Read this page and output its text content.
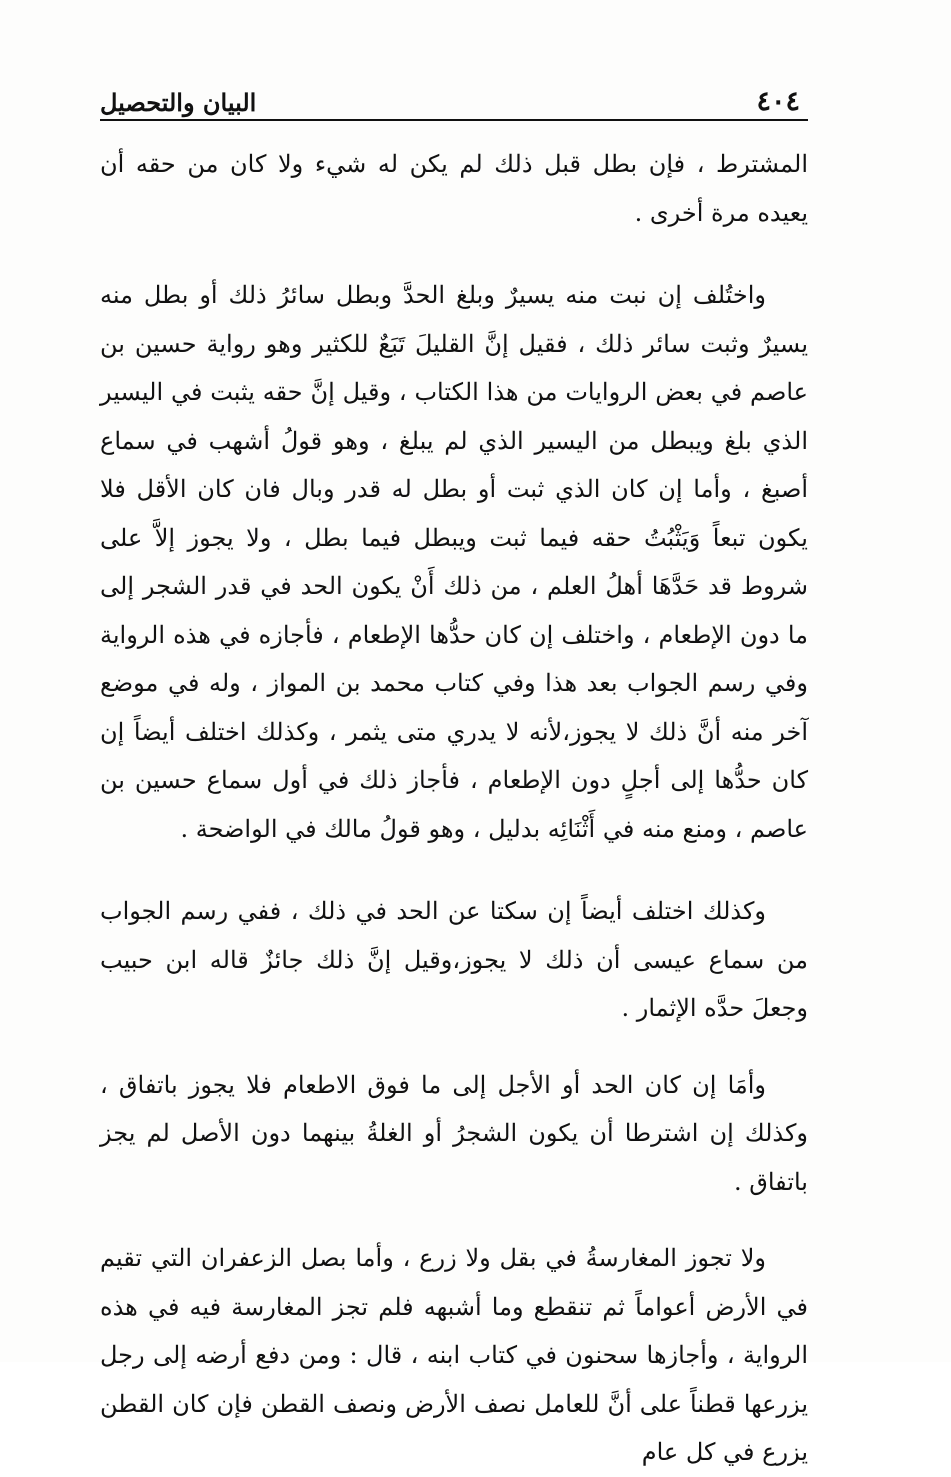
٤٠٤
البيان والتحصيل

المشترط ، فإن بطل قبل ذلك لم يكن له شيء ولا كان من حقه أن يعيده مرة أخرى .

واختُلف إن نبت منه يسيرٌ وبلغ الحدَّ وبطل سائرُ ذلك أو بطل منه يسيرٌ وثبت سائر ذلك ، فقيل إنَّ القليلَ تَبَعٌ للكثير وهو رواية حسين بن عاصم في بعض الروايات من هذا الكتاب ، وقيل إنَّ حقه يثبت في اليسير الذي بلغ ويبطل من اليسير الذي لم يبلغ ، وهو قولُ أشهب في سماع أصبغ ، وأما إن كان الذي ثبت أو بطل له قدر وبال فان كان الأقل فلا يكون تبعاً وَيَثْبُتُ حقه فيما ثبت ويبطل فيما بطل ، ولا يجوز إلاَّ على شروط قد حَدَّهَا أهلُ العلم ، من ذلك أَنْ يكون الحد في قدر الشجر إلى ما دون الإطعام ، واختلف إن كان حدُّها الإطعام ، فأجازه في هذه الرواية وفي رسم الجواب بعد هذا وفي كتاب محمد بن المواز ، وله في موضع آخر منه أنَّ ذلك لا يجوز،لأنه لا يدري متى يثمر ، وكذلك اختلف أيضاً إن كان حدُّها إلى أجلٍ دون الإطعام ، فأجاز ذلك في أول سماع حسين بن عاصم ، ومنع منه في أَثْنَائِه بدليل ، وهو قولُ مالك في الواضحة .

وكذلك اختلف أيضاً إن سكتا عن الحد في ذلك ، ففي رسم الجواب من سماع عيسى أن ذلك لا يجوز،وقيل إنَّ ذلك جائزٌ قاله ابن حبيب وجعلَ حدَّه الإثمار .

وأمَا إن كان الحد أو الأجل إلى ما فوق الاطعام فلا يجوز باتفاق ، وكذلك إن اشترطا أن يكون الشجرُ أو الغلةُ بينهما دون الأصل لم يجز باتفاق .

ولا تجوز المغارسةُ في بقل ولا زرع ، وأما بصل الزعفران التي تقيم في الأرض أعواماً ثم تنقطع وما أشبهه فلم تجز المغارسة فيه في هذه الرواية ، وأجازها سحنون في كتاب ابنه ، قال : ومن دفع أرضه إلى رجل يزرعها قطناً على أنَّ للعامل نصف الأرض ونصف القطن فإن كان القطن يزرع في كل عام
